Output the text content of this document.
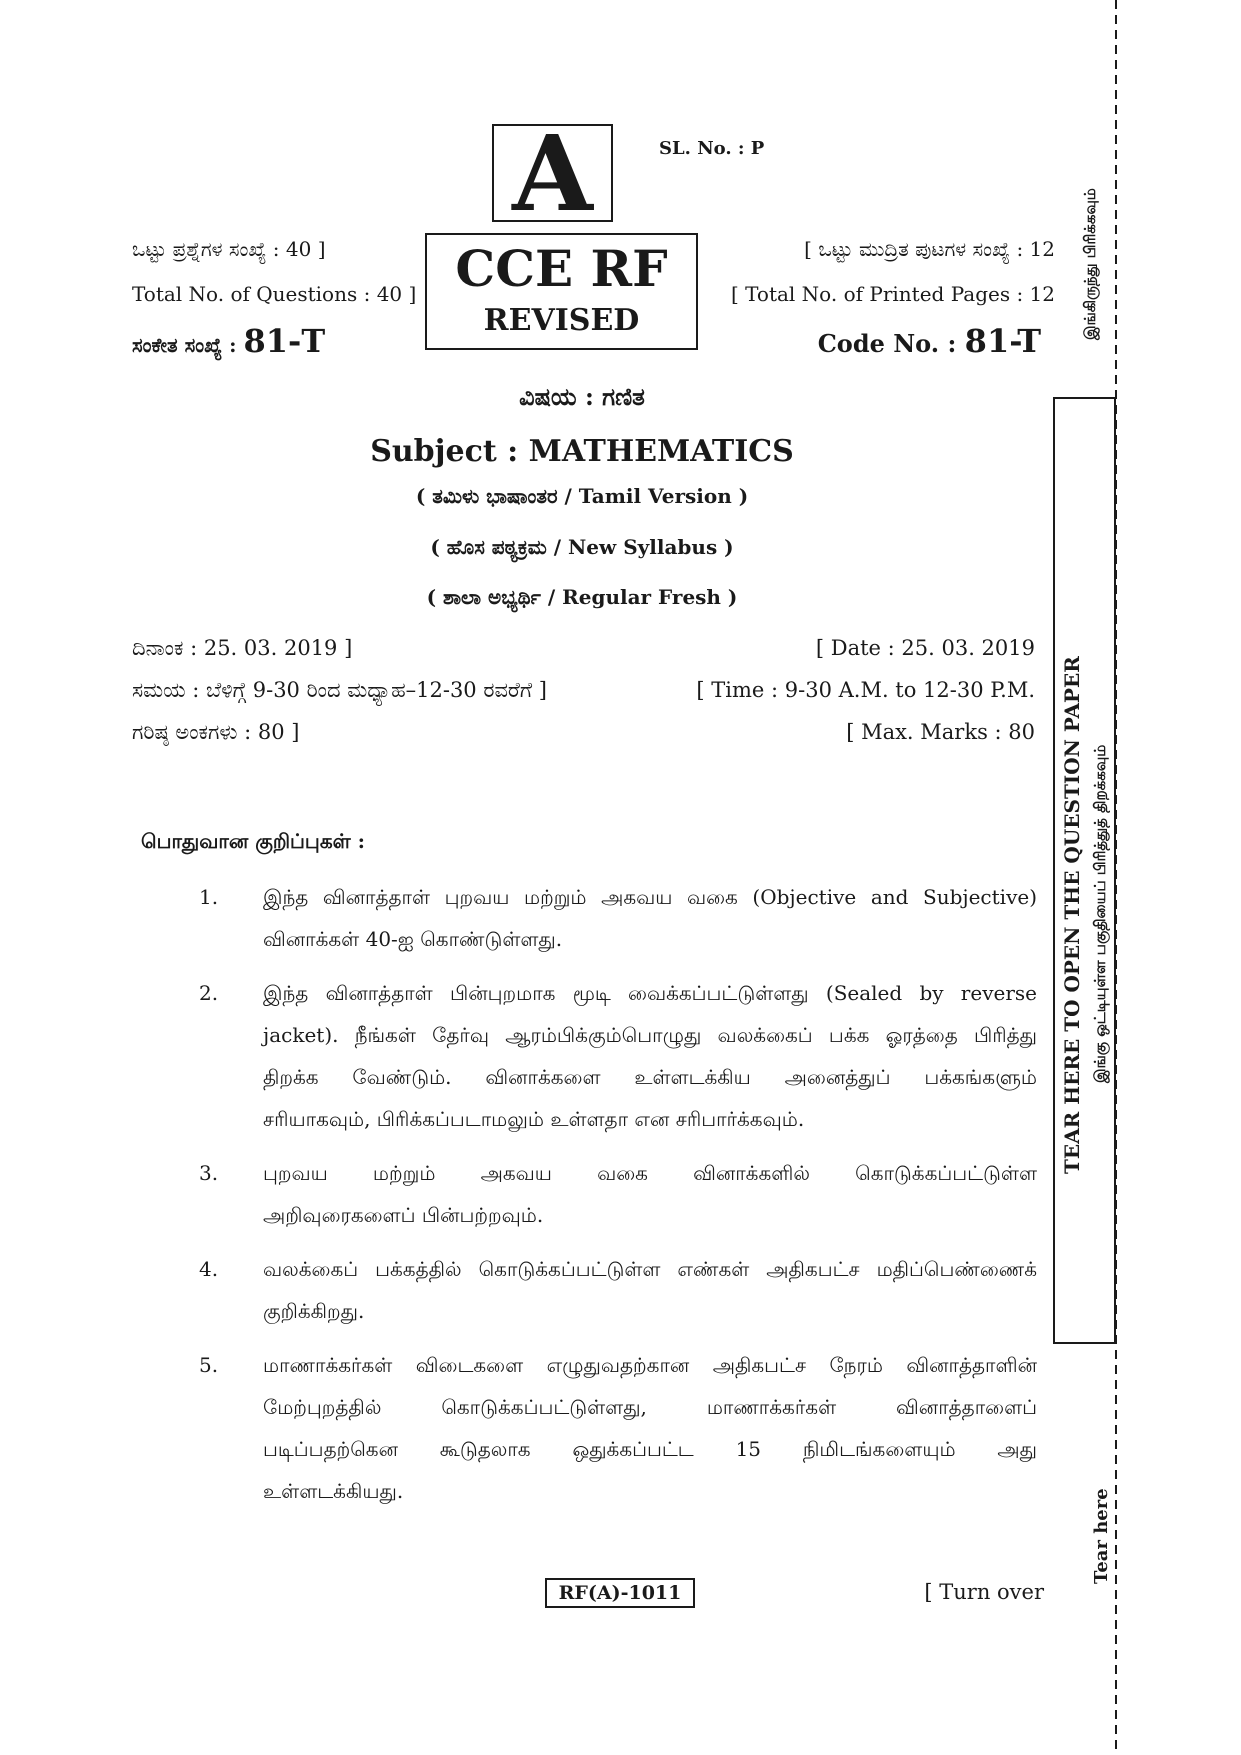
A	SL. No. : P
ಒಟ್ಟು ಪ್ರಶ್ನೆಗಳ ಸಂಖ್ಯೆ : 40 ]
Total No. of Questions : 40 ]
ಸಂಕೇತ ಸಂಖ್ಯೆ : 81-T
CCE RF
REVISED
[ ಒಟ್ಟು ಮುದ್ರಿತ ಪುಟಗಳ ಸಂಖ್ಯೆ : 12
[ Total No. of Printed Pages : 12
Code No. : 81-T
ವಿಷಯ : ಗಣಿತ
Subject : MATHEMATICS
( ತಮಿಳು ಭಾಷಾಂತರ / Tamil Version )
( ಹೊಸ ಪಠ್ಯಕ್ರಮ / New Syllabus )
( ಶಾಲಾ ಅಭ್ಯರ್ಥಿ / Regular Fresh )
ದಿನಾಂಕ : 25. 03. 2019 ]	[ Date : 25. 03. 2019
ಸಮಯ : ಬೆಳಿಗ್ಗೆ 9-30 ರಿಂದ ಮಧ್ಯಾಹ–12-30 ರವರೆಗೆ ]	[ Time : 9-30 A.M. to 12-30 P.M.
ಗರಿಷ್ಠ ಅಂಕಗಳು : 80 ]	[ Max. Marks : 80
பொதுவான குறிப்புகள் :
1.	இந்த வினாத்தாள் புறவய மற்றும் அகவய வகை (Objective and Subjective)
வினாக்கள் 40-ஐ கொண்டுள்ளது.
2.	இந்த வினாத்தாள் பின்புறமாக மூடி வைக்கப்பட்டுள்ளது (Sealed by reverse
jacket). நீங்கள் தேர்வு ஆரம்பிக்கும்பொழுது வலக்கைப் பக்க ஓரத்தை பிரித்து
திறக்க வேண்டும். வினாக்களை உள்ளடக்கிய அனைத்துப் பக்கங்களும்
சரியாகவும், பிரிக்கப்படாமலும் உள்ளதா என சரிபார்க்கவும்.
3.	புறவய மற்றும் அகவய வகை வினாக்களில் கொடுக்கப்பட்டுள்ள
அறிவுரைகளைப் பின்பற்றவும்.
4.	வலக்கைப் பக்கத்தில் கொடுக்கப்பட்டுள்ள எண்கள் அதிகபட்ச மதிப்பெண்ணைக்
குறிக்கிறது.
5.	மாணாக்கர்கள் விடைகளை எழுதுவதற்கான அதிகபட்ச நேரம் வினாத்தாளின்
மேற்புறத்தில் கொடுக்கப்பட்டுள்ளது, மாணாக்கர்கள் வினாத்தாளைப்
படிப்பதற்கென கூடுதலாக ஒதுக்கப்பட்ட 15 நிமிடங்களையும் அது
உள்ளடக்கியது.
RF(A)-1011	[ Turn over
இங்கிருந்து பிரிக்கவும்
TEAR HERE TO OPEN THE QUESTION PAPER இங்கு ஒட்டியுள்ள பகுதியைப் பிரித்துத் திறக்கவும்
Tear here
